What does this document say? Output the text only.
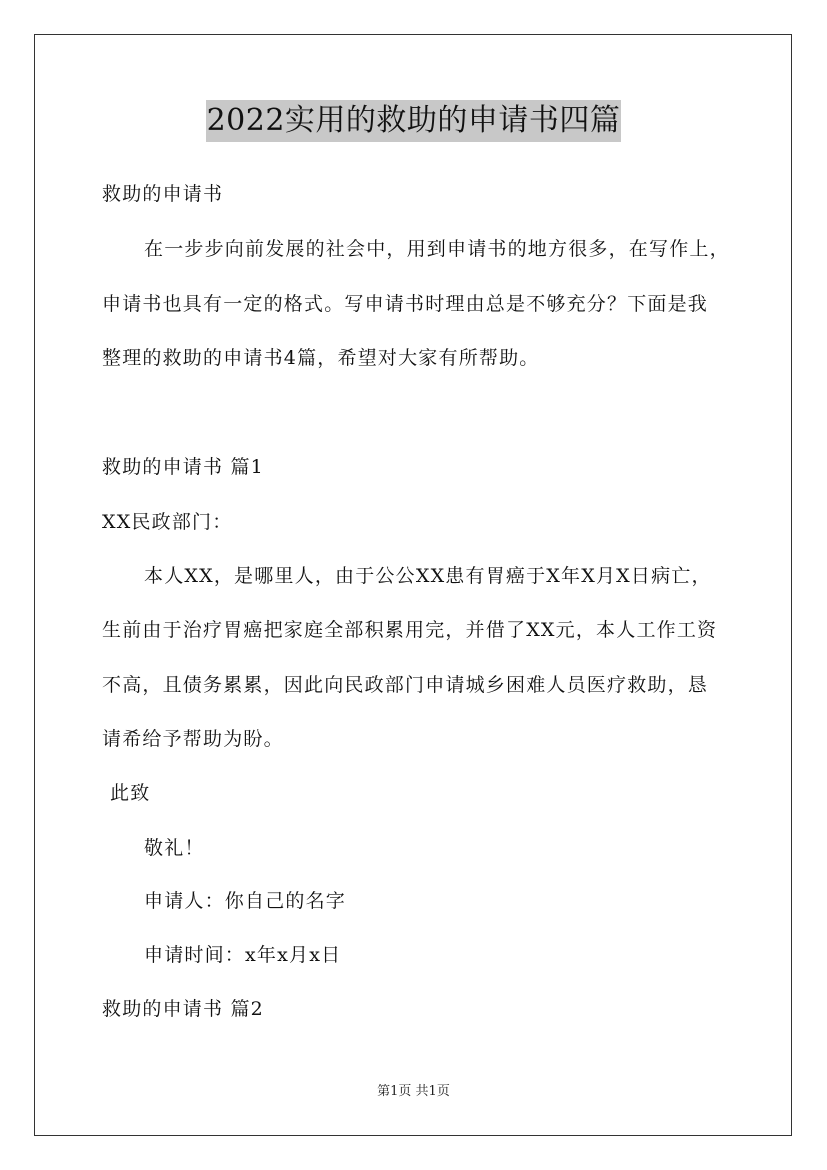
2022实用的救助的申请书四篇
救助的申请书
在一步步向前发展的社会中，用到申请书的地方很多，在写作上，
申请书也具有一定的格式。写申请书时理由总是不够充分？下面是我
整理的救助的申请书4篇，希望对大家有所帮助。
救助的申请书 篇1
XX民政部门：
本人XX，是哪里人，由于公公XX患有胃癌于X年X月X日病亡，
生前由于治疗胃癌把家庭全部积累用完，并借了XX元，本人工作工资
不高，且债务累累，因此向民政部门申请城乡困难人员医疗救助，恳
请希给予帮助为盼。
此致
敬礼！
申请人：你自己的名字
申请时间：x年x月x日
救助的申请书 篇2
第1页 共1页
